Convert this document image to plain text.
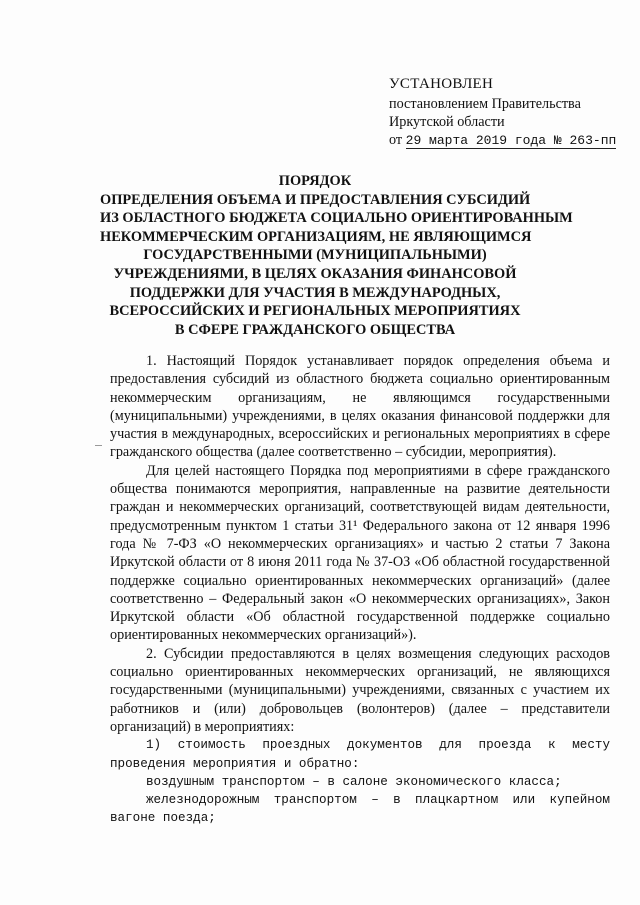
УСТАНОВЛЕН
постановлением Правительства
Иркутской области
от 29 марта 2019 года № 263-пп
ПОРЯДОК
ОПРЕДЕЛЕНИЯ ОБЪЕМА И ПРЕДОСТАВЛЕНИЯ СУБСИДИЙ
ИЗ ОБЛАСТНОГО БЮДЖЕТА СОЦИАЛЬНО ОРИЕНТИРОВАННЫМ
НЕКОММЕРЧЕСКИМ ОРГАНИЗАЦИЯМ, НЕ ЯВЛЯЮЩИМСЯ
ГОСУДАРСТВЕННЫМИ (МУНИЦИПАЛЬНЫМИ)
УЧРЕЖДЕНИЯМИ, В ЦЕЛЯХ ОКАЗАНИЯ ФИНАНСОВОЙ
ПОДДЕРЖКИ ДЛЯ УЧАСТИЯ В МЕЖДУНАРОДНЫХ,
ВСЕРОССИЙСКИХ И РЕГИОНАЛЬНЫХ МЕРОПРИЯТИЯХ
В СФЕРЕ ГРАЖДАНСКОГО ОБЩЕСТВА

1. Настоящий Порядок устанавливает порядок определения объема и предоставления субсидий из областного бюджета социально ориентированным некоммерческим организациям, не являющимся государственными (муниципальными) учреждениями, в целях оказания финансовой поддержки для участия в международных, всероссийских и региональных мероприятиях в сфере гражданского общества (далее соответственно – субсидии, мероприятия).

Для целей настоящего Порядка под мероприятиями в сфере гражданского общества понимаются мероприятия, направленные на развитие деятельности граждан и некоммерческих организаций, соответствующей видам деятельности, предусмотренным пунктом 1 статьи 31¹ Федерального закона от 12 января 1996 года № 7-ФЗ «О некоммерческих организациях» и частью 2 статьи 7 Закона Иркутской области от 8 июня 2011 года № 37-ОЗ «Об областной государственной поддержке социально ориентированных некоммерческих организаций» (далее соответственно – Федеральный закон «О некоммерческих организациях», Закон Иркутской области «Об областной государственной поддержке социально ориентированных некоммерческих организаций»).

2. Субсидии предоставляются в целях возмещения следующих расходов социально ориентированных некоммерческих организаций, не являющихся государственными (муниципальными) учреждениями, связанных с участием их работников и (или) добровольцев (волонтеров) (далее – представители организаций) в мероприятиях:

1) стоимость проездных документов для проезда к месту проведения мероприятия и обратно:

воздушным транспортом – в салоне экономического класса;

железнодорожным транспортом – в плацкартном или купейном вагоне поезда;
